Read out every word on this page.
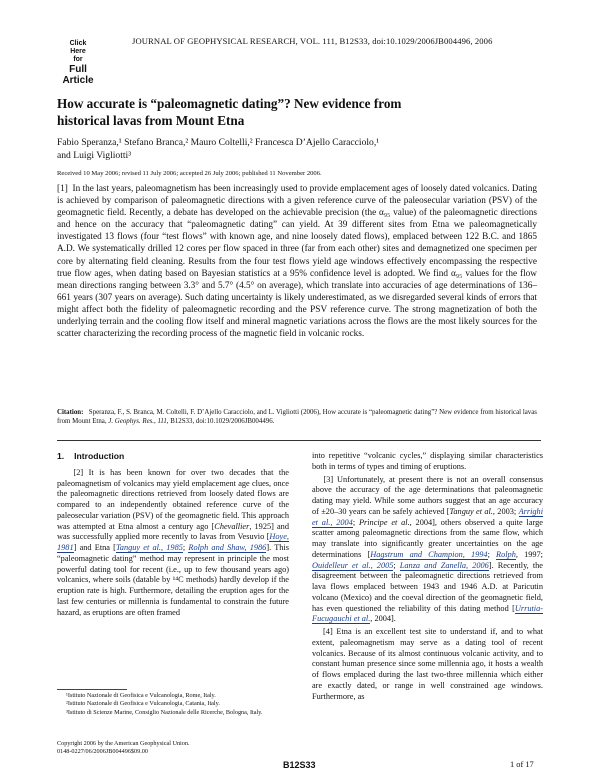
Click
Here
for
Full
Article
JOURNAL OF GEOPHYSICAL RESEARCH, VOL. 111, B12S33, doi:10.1029/2006JB004496, 2006
How accurate is “paleomagnetic dating”? New evidence from
historical lavas from Mount Etna
Fabio Speranza,¹ Stefano Branca,² Mauro Coltelli,² Francesca D’Ajello Caracciolo,¹
and Luigi Vigliotti³
Received 10 May 2006; revised 11 July 2006; accepted 26 July 2006; published 11 November 2006.

[1] In the last years, paleomagnetism has been increasingly used to provide emplacement ages of loosely dated volcanics. Dating is achieved by comparison of paleomagnetic directions with a given reference curve of the paleosecular variation (PSV) of the geomagnetic field. Recently, a debate has developed on the achievable precision (the α₉₅ value) of the paleomagnetic directions and hence on the accuracy that “paleomagnetic dating” can yield. At 39 different sites from Etna we paleomagnetically investigated 13 flows (four “test flows” with known age, and nine loosely dated flows), emplaced between 122 B.C. and 1865 A.D. We systematically drilled 12 cores per flow spaced in three (far from each other) sites and demagnetized one specimen per core by alternating field cleaning. Results from the four test flows yield age windows effectively encompassing the respective true flow ages, when dating based on Bayesian statistics at a 95% confidence level is adopted. We find α₉₅ values for the flow mean directions ranging between 3.3° and 5.7° (4.5° on average), which translate into accuracies of age determinations of 136–661 years (307 years on average). Such dating uncertainty is likely underestimated, as we disregarded several kinds of errors that might affect both the fidelity of paleomagnetic recording and the PSV reference curve. The strong magnetization of both the underlying terrain and the cooling flow itself and mineral magnetic variations across the flows are the most likely sources for the scatter characterizing the recording process of the magnetic field in volcanic rocks.

Citation: Speranza, F., S. Branca, M. Coltelli, F. D’Ajello Caracciolo, and L. Vigliotti (2006), How accurate is “paleomagnetic dating”? New evidence from historical lavas from Mount Etna, J. Geophys. Res., 111, B12S33, doi:10.1029/2006JB004496.
1. Introduction

[2] It is has been known for over two decades that the paleomagnetism of volcanics may yield emplacement age clues, once the paleomagnetic directions retrieved from loosely dated flows are compared to an independently obtained reference curve of the paleosecular variation (PSV) of the geomagnetic field. This approach was attempted at Etna almost a century ago [Chevallier, 1925] and was successfully applied more recently to lavas from Vesuvio [Hoye, 1981] and Etna [Tanguy et al., 1985; Rolph and Shaw, 1986]. This “paleomagnetic dating” method may represent in principle the most powerful dating tool for recent (i.e., up to few thousand years ago) volcanics, where soils (datable by ¹⁴C methods) hardly develop if the eruption rate is high. Furthermore, detailing the eruption ages for the last few centuries or millennia is fundamental to constrain the future hazard, as eruptions are often framed

¹Istituto Nazionale di Geofisica e Vulcanologia, Rome, Italy.
²Istituto Nazionale di Geofisica e Vulcanologia, Catania, Italy.
³Istituto di Scienze Marine, Consiglio Nazionale delle Ricerche, Bologna, Italy.
Copyright 2006 by the American Geophysical Union.
0148-0227/06/2006JB004496$09.00

into repetitive “volcanic cycles,” displaying similar characteristics both in terms of types and timing of eruptions.

[3] Unfortunately, at present there is not an overall consensus above the accuracy of the age determinations that paleomagnetic dating may yield. While some authors suggest that an age accuracy of ±20–30 years can be safely achieved [Tanguy et al., 2003; Arrighi et al., 2004; Prìncipe et al., 2004], others observed a quite large scatter among paleomagnetic directions from the same flow, which may translate into significantly greater uncertainties on the age determinations [Hagstrum and Champion, 1994; Rolph, 1997; Ouidelleur et al., 2005; Lanza and Zanella, 2006]. Recently, the disagreement between the paleomagnetic directions retrieved from lava flows emplaced between 1943 and 1946 A.D. at Paricutin volcano (Mexico) and the coeval direction of the geomagnetic field, has even questioned the reliability of this dating method [Urrutia-Fucugauchi et al., 2004].

[4] Etna is an excellent test site to understand if, and to what extent, paleomagnetism may serve as a dating tool of recent volcanics. Because of its almost continuous volcanic activity, and to constant human presence since some millennia ago, it hosts a wealth of flows emplaced during the last two-three millennia which either are exactly dated, or range in well constrained age windows. Furthermore, as

B12S33	1 of 17
